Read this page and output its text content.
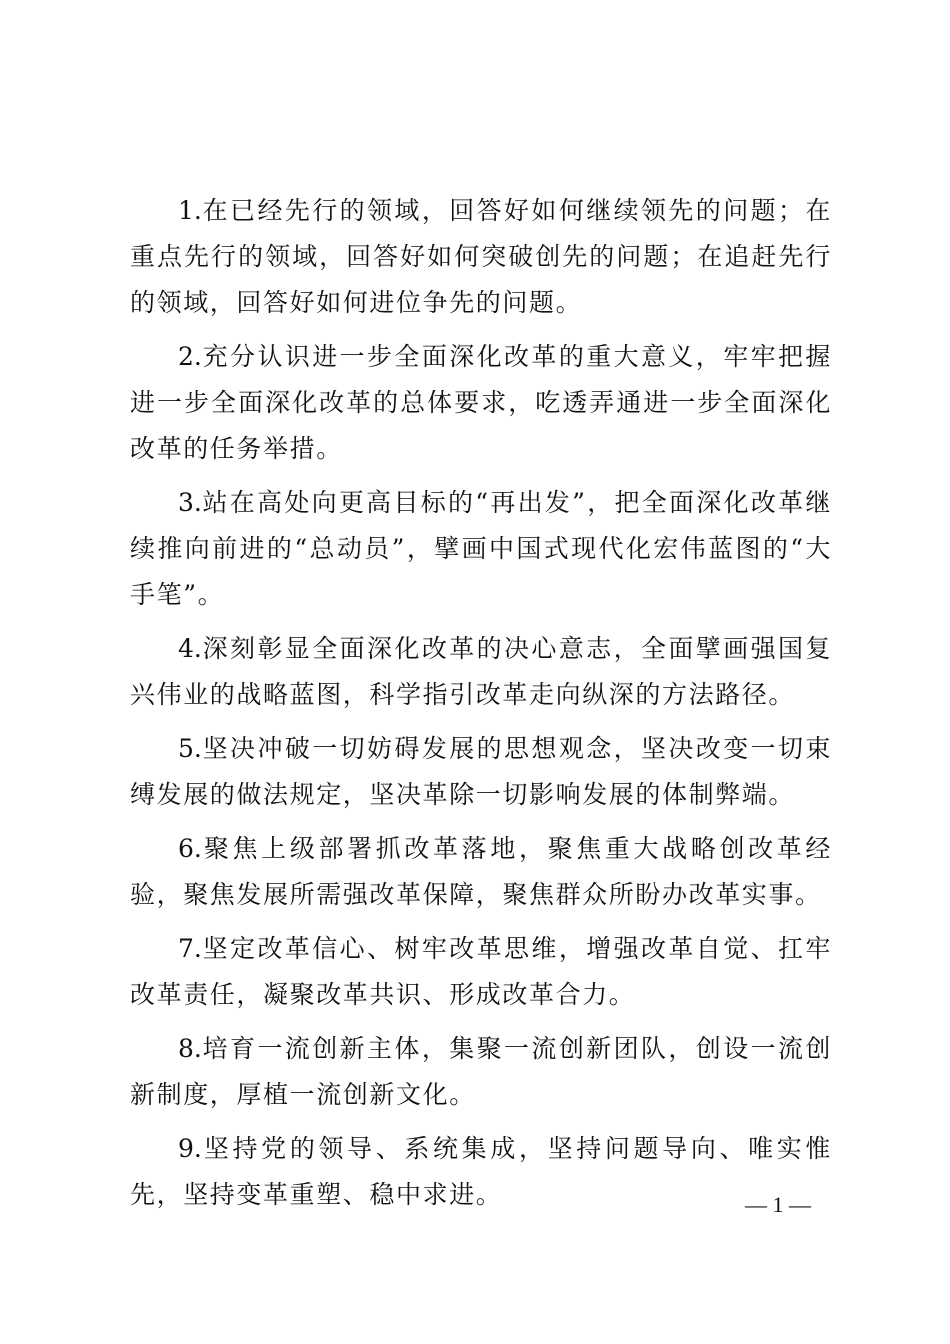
1.在已经先行的领域，回答好如何继续领先的问题；在重点先行的领域，回答好如何突破创先的问题；在追赶先行的领域，回答好如何进位争先的问题。

2.充分认识进一步全面深化改革的重大意义，牢牢把握进一步全面深化改革的总体要求，吃透弄通进一步全面深化改革的任务举措。

3.站在高处向更高目标的“再出发”，把全面深化改革继续推向前进的“总动员”，擘画中国式现代化宏伟蓝图的“大手笔”。

4.深刻彰显全面深化改革的决心意志，全面擘画强国复兴伟业的战略蓝图，科学指引改革走向纵深的方法路径。

5.坚决冲破一切妨碍发展的思想观念，坚决改变一切束缚发展的做法规定，坚决革除一切影响发展的体制弊端。

6.聚焦上级部署抓改革落地，聚焦重大战略创改革经验，聚焦发展所需强改革保障，聚焦群众所盼办改革实事。

7.坚定改革信心、树牢改革思维，增强改革自觉、扛牢改革责任，凝聚改革共识、形成改革合力。

8.培育一流创新主体，集聚一流创新团队，创设一流创新制度，厚植一流创新文化。

9.坚持党的领导、系统集成，坚持问题导向、唯实惟先，坚持变革重塑、稳中求进。	— 1 —
